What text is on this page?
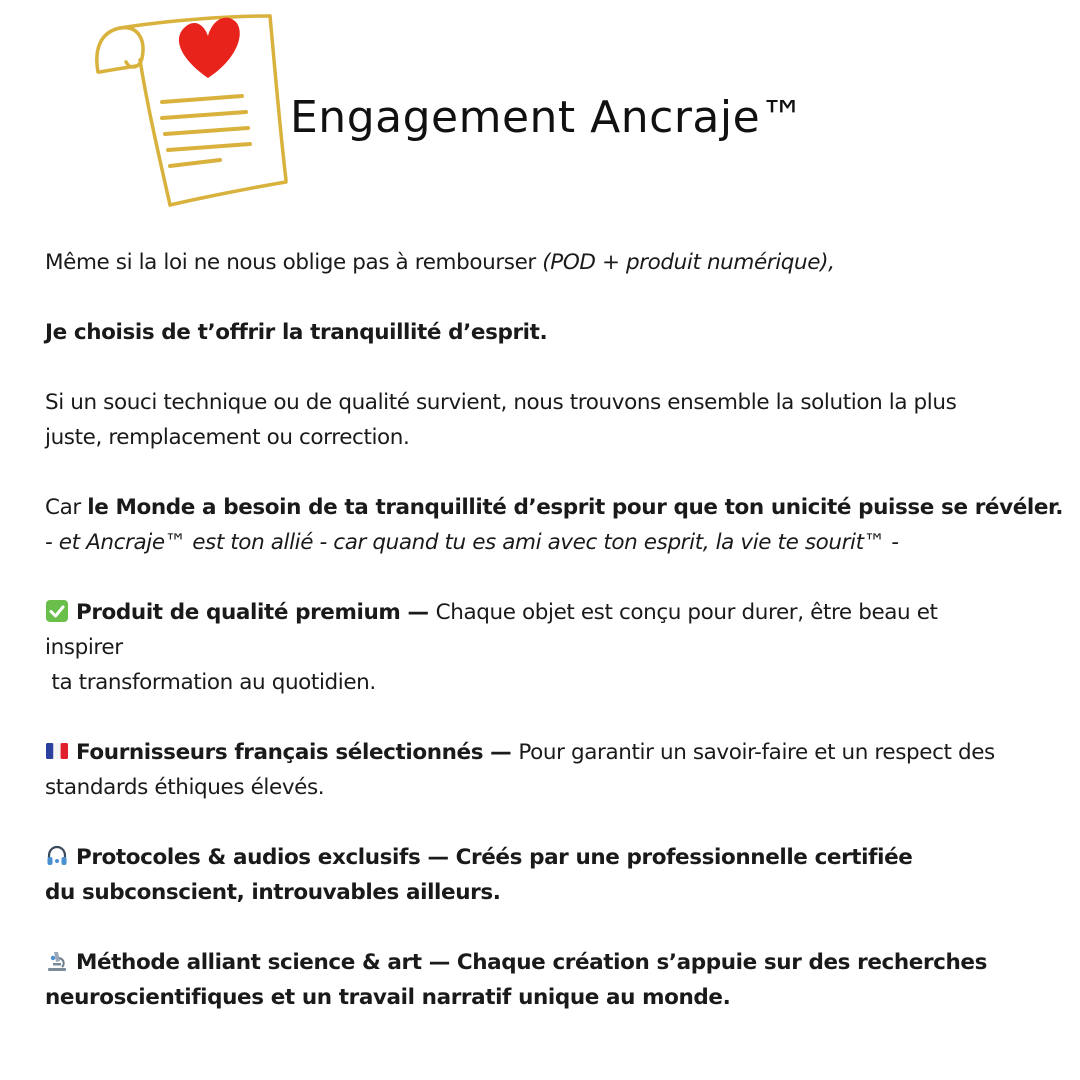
Engagement Ancraje™
Même si la loi ne nous oblige pas à rembourser (POD + produit numérique),
Je choisis de t’offrir la tranquillité d’esprit.
Si un souci technique ou de qualité survient, nous trouvons ensemble la solution la plus
juste, remplacement ou correction.
Car le Monde a besoin de ta tranquillité d’esprit pour que ton unicité puisse se révéler.
- et Ancraje™ est ton allié - car quand tu es ami avec ton esprit, la vie te sourit™ -
Produit de qualité premium — Chaque objet est conçu pour durer, être beau et
inspirer
ta transformation au quotidien.
Fournisseurs français sélectionnés — Pour garantir un savoir-faire et un respect des
standards éthiques élevés.
Protocoles & audios exclusifs — Créés par une professionnelle certifiée
du subconscient, introuvables ailleurs.
Méthode alliant science & art — Chaque création s’appuie sur des recherches
neuroscientifiques et un travail narratif unique au monde.
